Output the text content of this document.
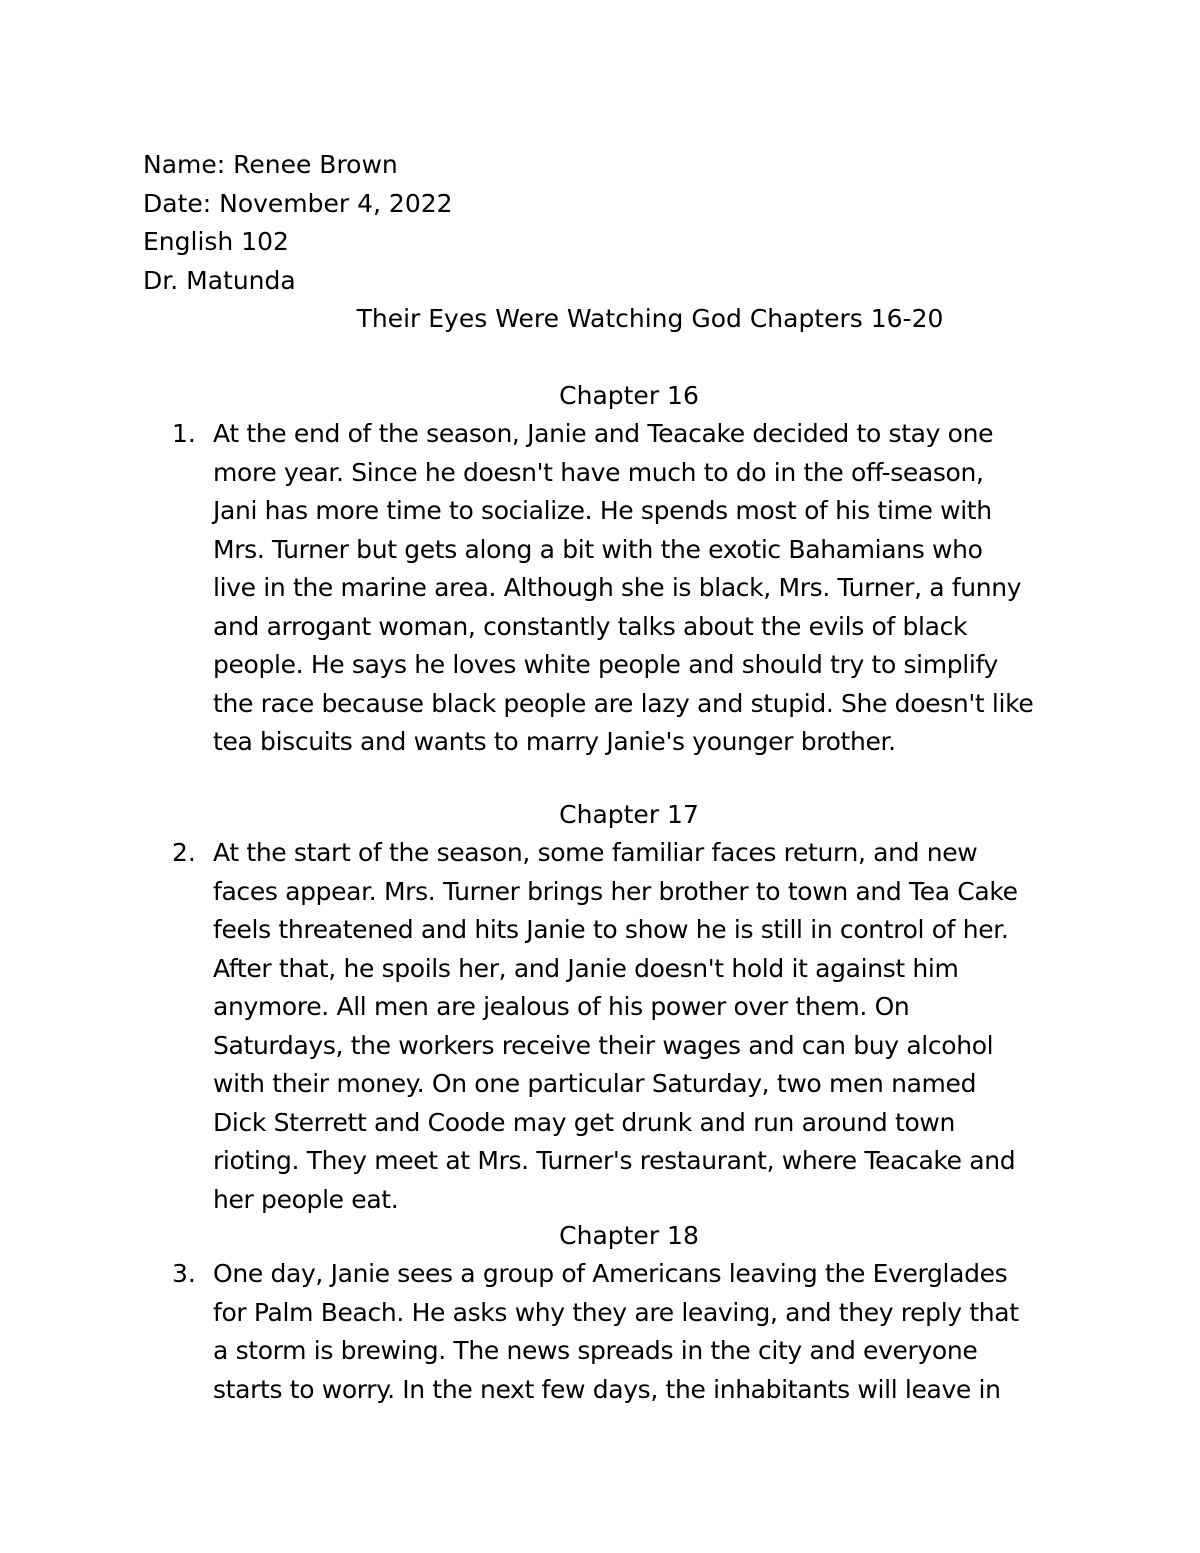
Name: Renee Brown
Date: November 4, 2022
English 102
Dr. Matunda
Their Eyes Were Watching God Chapters 16-20
Chapter 16
1. At the end of the season, Janie and Teacake decided to stay one
more year. Since he doesn't have much to do in the off-season,
Jani has more time to socialize. He spends most of his time with
Mrs. Turner but gets along a bit with the exotic Bahamians who
live in the marine area. Although she is black, Mrs. Turner, a funny
and arrogant woman, constantly talks about the evils of black
people. He says he loves white people and should try to simplify
the race because black people are lazy and stupid. She doesn't like
tea biscuits and wants to marry Janie's younger brother.
Chapter 17
2. At the start of the season, some familiar faces return, and new
faces appear. Mrs. Turner brings her brother to town and Tea Cake
feels threatened and hits Janie to show he is still in control of her.
After that, he spoils her, and Janie doesn't hold it against him
anymore. All men are jealous of his power over them. On
Saturdays, the workers receive their wages and can buy alcohol
with their money. On one particular Saturday, two men named
Dick Sterrett and Coode may get drunk and run around town
rioting. They meet at Mrs. Turner's restaurant, where Teacake and
her people eat.
Chapter 18
3. One day, Janie sees a group of Americans leaving the Everglades
for Palm Beach. He asks why they are leaving, and they reply that
a storm is brewing. The news spreads in the city and everyone
starts to worry. In the next few days, the inhabitants will leave in
